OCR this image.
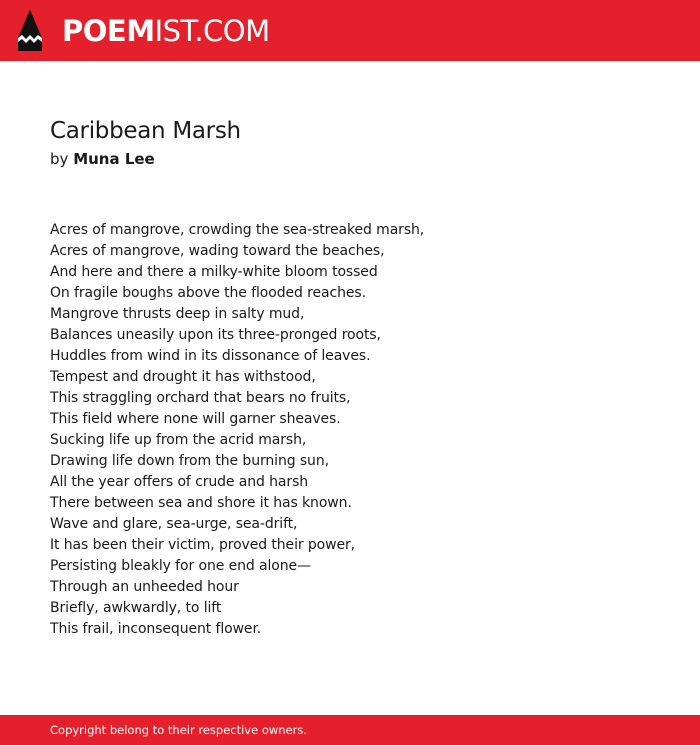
POEMIST.COM
Caribbean Marsh
by Muna Lee
Acres of mangrove, crowding the sea-streaked marsh,
Acres of mangrove, wading toward the beaches,
And here and there a milky-white bloom tossed
On fragile boughs above the flooded reaches.
Mangrove thrusts deep in salty mud,
Balances uneasily upon its three-pronged roots,
Huddles from wind in its dissonance of leaves.
Tempest and drought it has withstood,
This straggling orchard that bears no fruits,
This field where none will garner sheaves.
Sucking life up from the acrid marsh,
Drawing life down from the burning sun,
All the year offers of crude and harsh
There between sea and shore it has known.
Wave and glare, sea-urge, sea-drift,
It has been their victim, proved their power,
Persisting bleakly for one end alone—
Through an unheeded hour
Briefly, awkwardly, to lift
This frail, inconsequent flower.
Copyright belong to their respective owners.
